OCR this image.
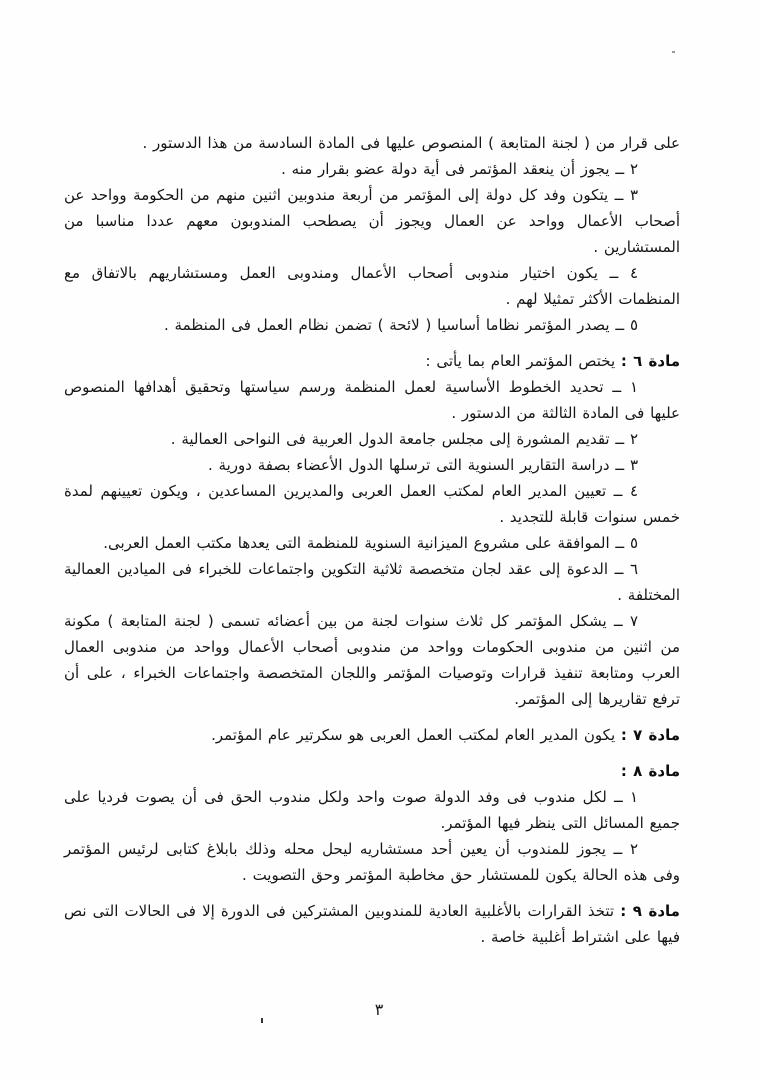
على قرار من ( لجنة المتابعة ) المنصوص عليها فى المادة السادسة من هذا الدستور .

٢ ــ يجوز أن ينعقد المؤتمر فى أية دولة عضو بقرار منه .

٣ ــ يتكون وفد كل دولة إلى المؤتمر من أربعة مندوبين اثنين منهم من الحكومة وواحد عن أصحاب الأعمال وواحد عن العمال ويجوز أن يصطحب المندوبون معهم عددا مناسبا من المستشارين .

٤ ــ يكون اختيار مندوبى أصحاب الأعمال ومندوبى العمل ومستشاريهم بالاتفاق مع المنظمات الأكثر تمثيلا لهم .

٥ ــ يصدر المؤتمر نظاما أساسيا ( لائحة ) تضمن نظام العمل فى المنظمة .

مادة ٦ : يختص المؤتمر العام بما يأتى :

١ ــ تحديد الخطوط الأساسية لعمل المنظمة ورسم سياستها وتحقيق أهدافها المنصوص عليها فى المادة الثالثة من الدستور .

٢ ــ تقديم المشورة إلى مجلس جامعة الدول العربية فى النواحى العمالية .

٣ ــ دراسة التقارير السنوية التى ترسلها الدول الأعضاء بصفة دورية .

٤ ــ تعيين المدير العام لمكتب العمل العربى والمديرين المساعدين ، ويكون تعيينهم لمدة خمس سنوات قابلة للتجديد .

٥ ــ الموافقة على مشروع الميزانية السنوية للمنظمة التى يعدها مكتب العمل العربى.

٦ ــ الدعوة إلى عقد لجان متخصصة ثلاثية التكوين واجتماعات للخبراء فى الميادين العمالية المختلفة .

٧ ــ يشكل المؤتمر كل ثلاث سنوات لجنة من بين أعضائه تسمى ( لجنة المتابعة ) مكونة من اثنين من مندوبى الحكومات وواحد من مندوبى أصحاب الأعمال وواحد من مندوبى العمال العرب ومتابعة تنفيذ قرارات وتوصيات المؤتمر واللجان المتخصصة واجتماعات الخبراء ، على أن ترفع تقاريرها إلى المؤتمر.

مادة ٧ : يكون المدير العام لمكتب العمل العربى هو سكرتير عام المؤتمر.

مادة ٨ :

١ ــ لكل مندوب فى وفد الدولة صوت واحد ولكل مندوب الحق فى أن يصوت فرديا على جميع المسائل التى ينظر فيها المؤتمر.

٢ ــ يجوز للمندوب أن يعين أحد مستشاريه ليحل محله وذلك بابلاغ كتابى لرئيس المؤتمر وفى هذه الحالة يكون للمستشار حق مخاطبة المؤتمر وحق التصويت .

مادة ٩ : تتخذ القرارات بالأغلبية العادية للمندوبين المشتركين فى الدورة إلا فى الحالات التى نص فيها على اشتراط أغلبية خاصة .

٣
